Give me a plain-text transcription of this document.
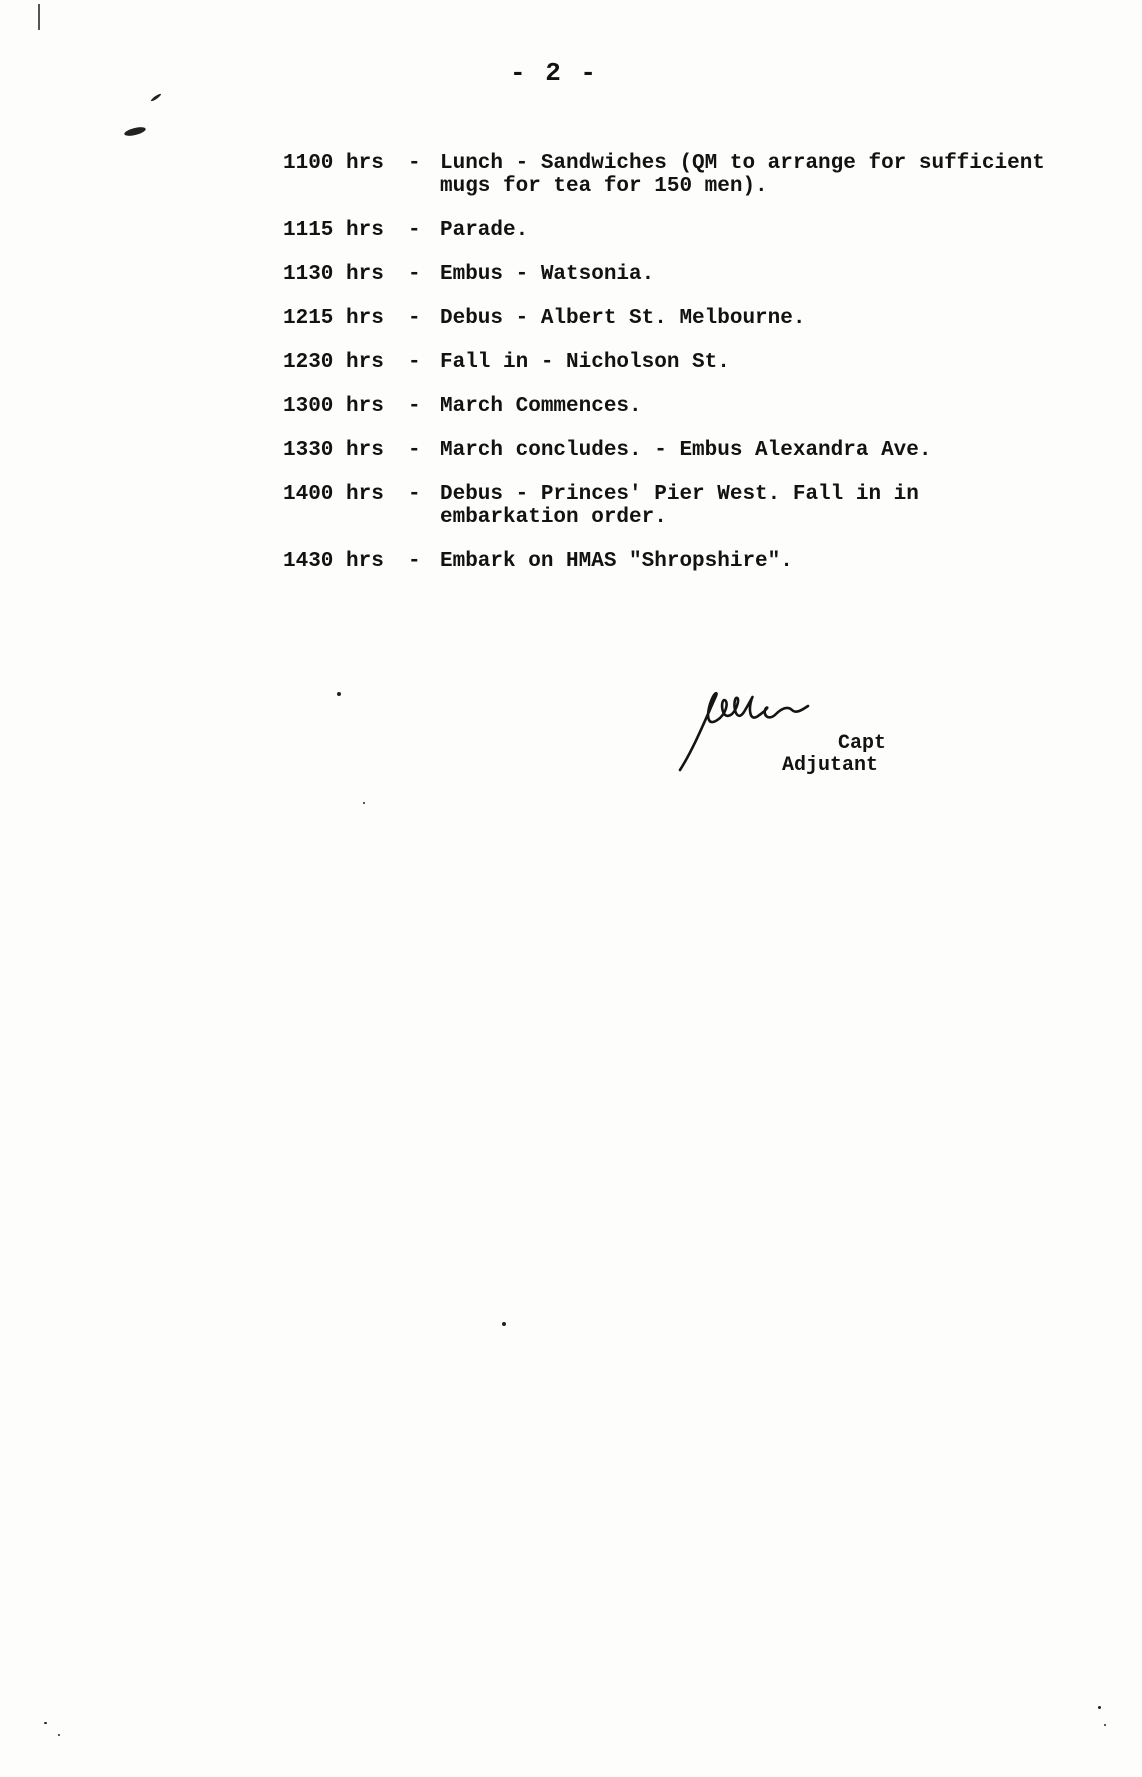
- 2 -
1100 hrs	- Lunch - Sandwiches (QM to arrange for sufficient
mugs for tea for 150 men).
1115 hrs	- Parade.
1130 hrs	- Embus - Watsonia.
1215 hrs	- Debus - Albert St. Melbourne.
1230 hrs	- Fall in - Nicholson St.
1300 hrs	- March Commences.
1330 hrs	- March concludes. - Embus Alexandra Ave.
1400 hrs	- Debus - Princes' Pier West. Fall in in
embarkation order.
1430 hrs	- Embark on HMAS "Shropshire".
Capt
Adjutant
